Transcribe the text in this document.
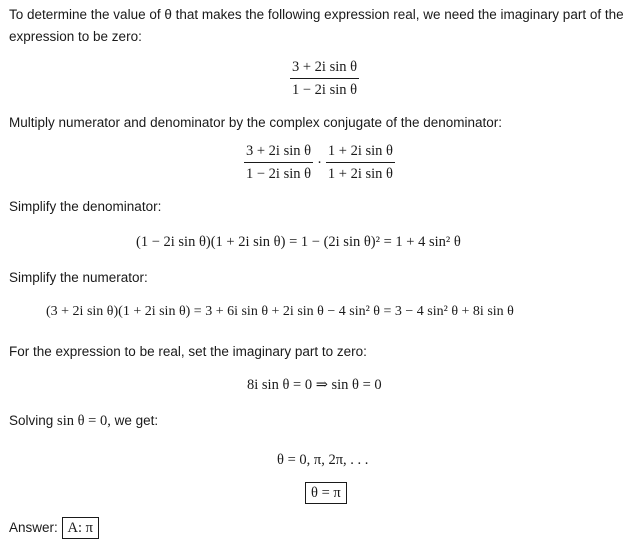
To determine the value of θ that makes the following expression real, we need the imaginary part of the
expression to be zero:
$\frac{\text{3 + 2i sin θ}}{\text{1 − 2i sin θ}}$
Multiply numerator and denominator by the complex conjugate of the denominator:
$\frac{\text{3 + 2i sin θ}}{\text{1 − 2i sin θ}} \cdot \frac{\text{1 + 2i sin θ}}{\text{1 + 2i sin θ}}$
Simplify the denominator:
(1 − 2i sin θ)(1 + 2i sin θ) = 1 − (2i sin θ)² = 1 + 4 sin² θ
Simplify the numerator:
(3 + 2i sin θ)(1 + 2i sin θ) = 3 + 6i sin θ + 2i sin θ − 4 sin² θ = 3 − 4 sin² θ + 8i sin θ
For the expression to be real, set the imaginary part to zero:
8i sin θ = 0 ⇒ sin θ = 0
Solving sin θ = 0, we get:
θ = 0, π, 2π, . . .
θ = π
Answer: A: π
